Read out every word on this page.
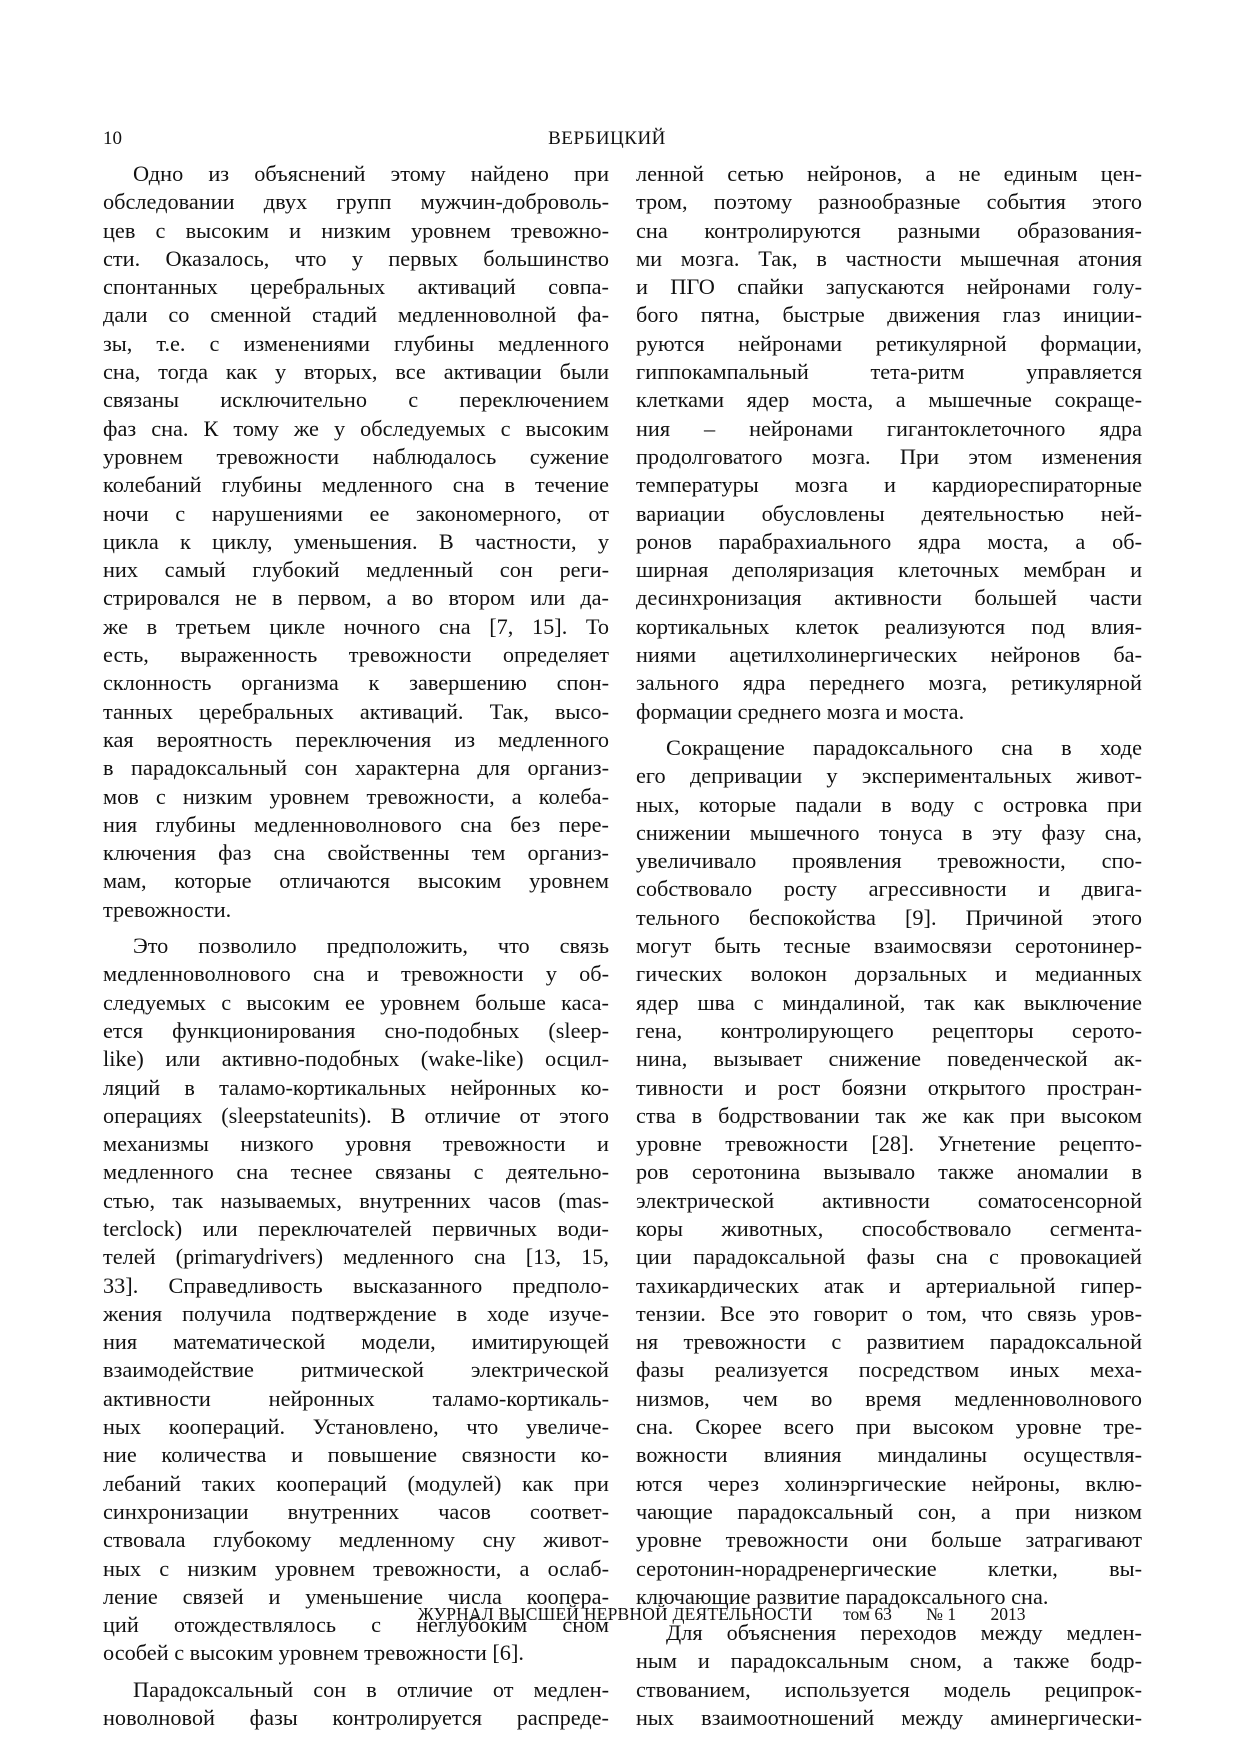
10	ВЕРБИЦКИЙ
Одно из объяснений этому найдено при
обследовании двух групп мужчин-доброволь-
цев с высоким и низким уровнем тревожно-
сти. Оказалось, что у первых большинство
спонтанных церебральных активаций совпа-
дали со сменной стадий медленноволной фа-
зы, т.е. с изменениями глубины медленного
сна, тогда как у вторых, все активации были
связаны исключительно с переключением
фаз сна. К тому же у обследуемых с высоким
уровнем тревожности наблюдалось сужение
колебаний глубины медленного сна в течение
ночи с нарушениями ее закономерного, от
цикла к циклу, уменьшения. В частности, у
них самый глубокий медленный сон реги-
стрировался не в первом, а во втором или да-
же в третьем цикле ночного сна [7, 15]. То
есть, выраженность тревожности определяет
склонность организма к завершению спон-
танных церебральных активаций. Так, высо-
кая вероятность переключения из медленного
в парадоксальный сон характерна для организ-
мов с низким уровнем тревожности, а колеба-
ния глубины медленноволнового сна без пере-
ключения фаз сна свойственны тем организ-
мам, которые отличаются высоким уровнем
тревожности.
Это позволило предположить, что связь
медленноволнового сна и тревожности у об-
следуемых с высоким ее уровнем больше каса-
ется функционирования сно-подобных (sleep-
like) или активно-подобных (wake-like) осцил-
ляций в таламо-кортикальных нейронных ко-
операциях (sleepstateunits). В отличие от этого
механизмы низкого уровня тревожности и
медленного сна теснее связаны с деятельно-
стью, так называемых, внутренних часов (mas-
terclock) или переключателей первичных води-
телей (primarydrivers) медленного сна [13, 15,
33]. Справедливость высказанного предполо-
жения получила подтверждение в ходе изуче-
ния математической модели, имитирующей
взаимодействие ритмической электрической
активности нейронных таламо-кортикаль-
ных коопераций. Установлено, что увеличе-
ние количества и повышение связности ко-
лебаний таких коопераций (модулей) как при
синхронизации внутренних часов соответ-
ствовала глубокому медленному сну живот-
ных с низким уровнем тревожности, а ослаб-
ление связей и уменьшение числа коопера-
ций отождествлялось с неглубоким сном
особей с высоким уровнем тревожности [6].
Парадоксальный сон в отличие от медлен-
новолновой фазы контролируется распреде-
ленной сетью нейронов, а не единым цен-
тром, поэтому разнообразные события этого
сна контролируются разными образования-
ми мозга. Так, в частности мышечная атония
и ПГО спайки запускаются нейронами голу-
бого пятна, быстрые движения глаз иниции-
руются нейронами ретикулярной формации,
гиппокампальный тета-ритм управляется
клетками ядер моста, а мышечные сокраще-
ния – нейронами гигантоклеточного ядра
продолговатого мозга. При этом изменения
температуры мозга и кардиореспираторные
вариации обусловлены деятельностью ней-
ронов парабрахиального ядра моста, а об-
ширная деполяризация клеточных мембран и
десинхронизация активности большей части
кортикальных клеток реализуются под влия-
ниями ацетилхолинергических нейронов ба-
зального ядра переднего мозга, ретикулярной
формации среднего мозга и моста.
Сокращение парадоксального сна в ходе
его депривации у экспериментальных живот-
ных, которые падали в воду с островка при
снижении мышечного тонуса в эту фазу сна,
увеличивало проявления тревожности, спо-
собствовало росту агрессивности и двига-
тельного беспокойства [9]. Причиной этого
могут быть тесные взаимосвязи серотонинер-
гических волокон дорзальных и медианных
ядер шва с миндалиной, так как выключение
гена, контролирующего рецепторы серото-
нина, вызывает снижение поведенческой ак-
тивности и рост боязни открытого простран-
ства в бодрствовании так же как при высоком
уровне тревожности [28]. Угнетение рецепто-
ров серотонина вызывало также аномалии в
электрической активности соматосенсорной
коры животных, способствовало сегмента-
ции парадоксальной фазы сна с провокацией
тахикардических атак и артериальной гипер-
тензии. Все это говорит о том, что связь уров-
ня тревожности с развитием парадоксальной
фазы реализуется посредством иных меха-
низмов, чем во время медленноволнового
сна. Скорее всего при высоком уровне тре-
вожности влияния миндалины осуществля-
ются через холинэргические нейроны, вклю-
чающие парадоксальный сон, а при низком
уровне тревожности они больше затрагивают
серотонин-норадренергические клетки, вы-
ключающие развитие парадоксального сна.
Для объяснения переходов между медлен-
ным и парадоксальным сном, а также бодр-
ствованием, используется модель реципрок-
ных взаимоотношений между аминергически-
ЖУРНАЛ ВЫСШЕЙ НЕРВНОЙ ДЕЯТЕЛЬНОСТИ том 63 № 1 2013
